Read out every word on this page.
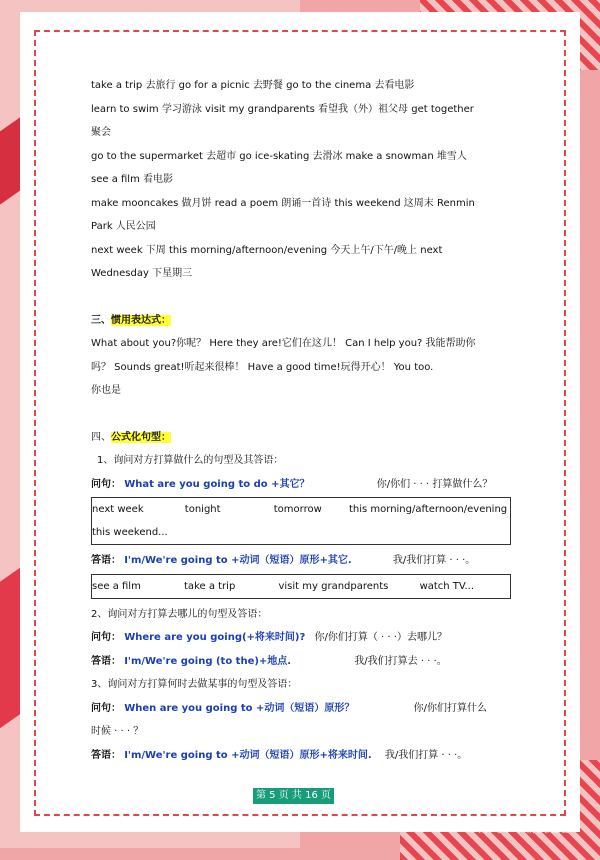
take a trip 去旅行 go for a picnic 去野餐 go to the cinema 去看电影

learn to swim 学习游泳 visit my grandparents 看望我（外）祖父母 get together

聚会

go to the supermarket 去超市 go ice-skating 去滑冰 make a snowman 堆雪人

see a film 看电影

make mooncakes 做月饼 read a poem 朗诵一首诗 this weekend 这周末 Renmin

Park 人民公园

next week 下周 this morning/afternoon/evening 今天上午/下午/晚上 next

Wednesday 下星期三

三、惯用表达式：

What about you?你呢？ Here they are!它们在这儿！ Can I help you? 我能帮助你

吗？ Sounds great!听起来很棒！ Have a good time!玩得开心！ You too.

你也是

四、公式化句型：

1、询问对方打算做什么的句型及其答语：

问句： What are you going to do +其它？	你/你们 · · · 打算做什么？

next week	tonight	tomorrow	this morning/afternoon/evening
this weekend...

答语： I'm/We're going to +动词（短语）原形+其它.	我/我们打算 · · ·。

see a film	take a trip	visit my grandparents	watch TV...

2、询问对方打算去哪儿的句型及答语：

问句： Where are you going(+将来时间)? 你/你们打算（ · · ·）去哪儿？

答语： I'm/We're going (to the)+地点.	我/我们打算去 · · ·。

3、询问对方打算何时去做某事的句型及答语：

问句： When are you going to +动词（短语）原形？	你/你们打算什么

时候 · · · ？

答语： I'm/We're going to +动词（短语）原形+将来时间. 我/我们打算 · · ·。

第 5 页 共 16 页
头条号 / 学霸枫姐姐
